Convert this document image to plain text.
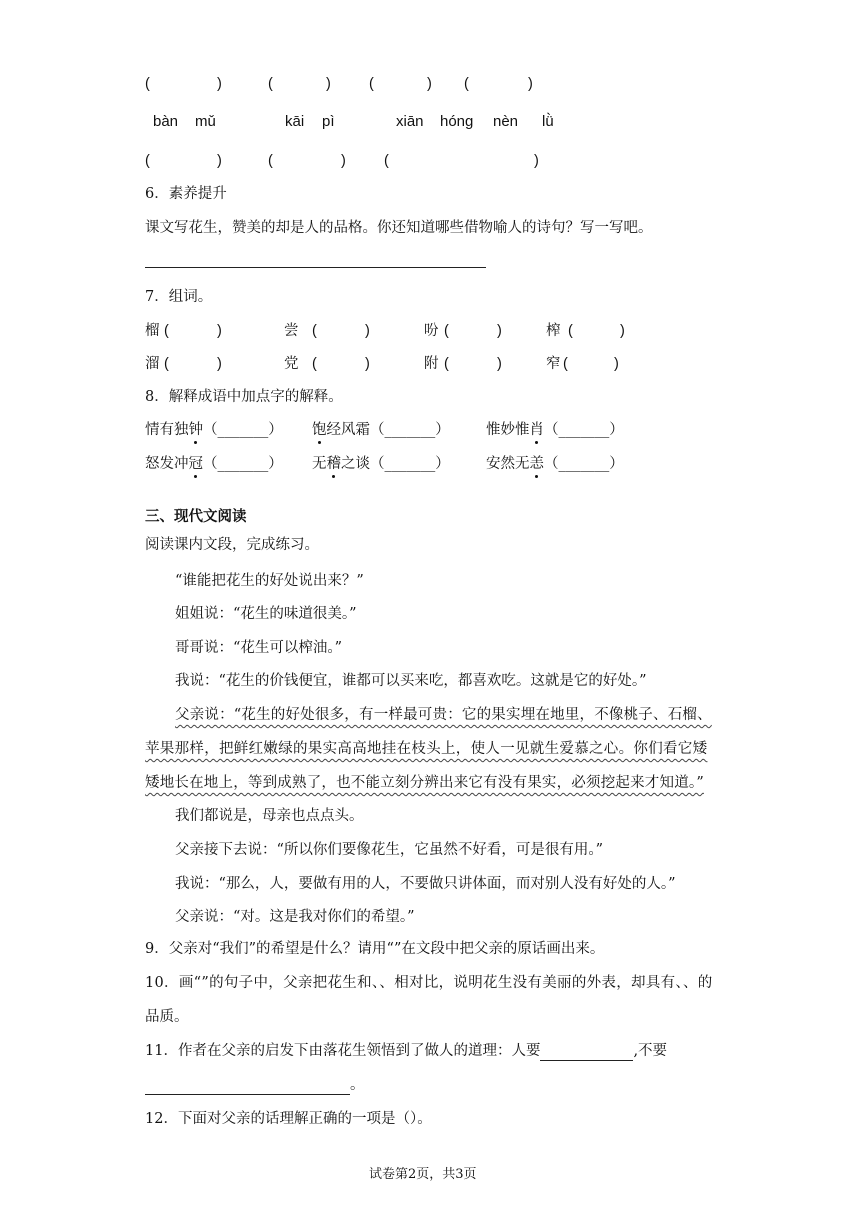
(	)	(	)	(	) (	)
bàn mǔ	kāi pì	xiān hóng nèn lǜ
(	)	(	)	(	)
6．素养提升
课文写花生，赞美的却是人的品格。你还知道哪些借物喻人的诗句？写一写吧。
7．组词。
榴 (	)	尝 (	)	吩 (	)	榨 (	)
溜 (	)	党 (	)	附 (	)	窄 (	)
8．解释成语中加点字的解释。
情有独钟（_______） 饱经风霜（_______）	惟妙惟肖（_______）
怒发冲冠（_______） 无稽之谈（_______）	安然无恙（_______）
三、现代文阅读
阅读课内文段，完成练习。
“谁能把花生的好处说出来？”
姐姐说：“花生的味道很美。”
哥哥说：“花生可以榨油。”
我说：“花生的价钱便宜，谁都可以买来吃，都喜欢吃。这就是它的好处。”
父亲说：“花生的好处很多，有一样最可贵：它的果实埋在地里，不像桃子、石榴、
苹果那样，把鲜红嫩绿的果实高高地挂在枝头上，使人一见就生爱慕之心。你们看它矮
矮地长在地上，等到成熟了，也不能立刻分辨出来它有没有果实，必须挖起来才知道。”
我们都说是，母亲也点点头。
父亲接下去说：“所以你们要像花生，它虽然不好看，可是很有用。”
我说：“那么，人，要做有用的人，不要做只讲体面，而对别人没有好处的人。”
父亲说：“对。这是我对你们的希望。”
9．父亲对“我们”的希望是什么？请用“”在文段中把父亲的原话画出来。
10．画“”的句子中，父亲把花生和、、相对比，说明花生没有美丽的外表，却具有、、的
品质。
11．作者在父亲的启发下由落花生领悟到了做人的道理：人要	,不要
。
12．下面对父亲的话理解正确的一项是（）。
试卷第2页，共3页
